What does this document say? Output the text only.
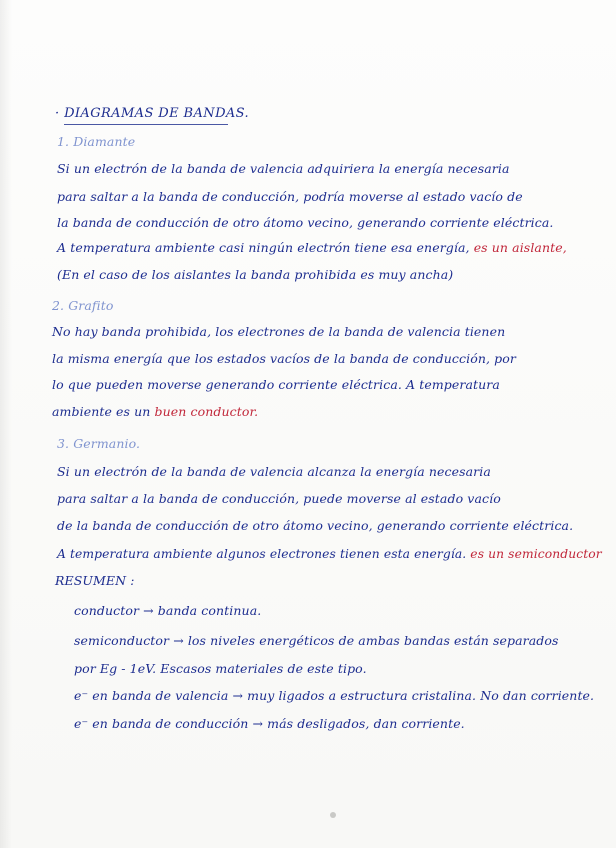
· DIAGRAMAS DE BANDAS.
1. Diamante
Si un electrón de la banda de valencia adquiriera la energía necesaria
para saltar a la banda de conducción, podría moverse al estado vacío de
la banda de conducción de otro átomo vecino, generando corriente eléctrica.
A temperatura ambiente casi ningún electrón tiene esa energía, es un aislante,
(En el caso de los aislantes la banda prohibida es muy ancha)
2. Grafito
No hay banda prohibida, los electrones de la banda de valencia tienen
la misma energía que los estados vacíos de la banda de conducción, por
lo que pueden moverse generando corriente eléctrica. A temperatura
ambiente es un buen conductor.
3. Germanio.
Si un electrón de la banda de valencia alcanza la energía necesaria
para saltar a la banda de conducción, puede moverse al estado vacío
de la banda de conducción de otro átomo vecino, generando corriente eléctrica.
A temperatura ambiente algunos electrones tienen esta energía. es un semiconductor
RESUMEN :
conductor → banda continua.
semiconductor → los niveles energéticos de ambas bandas están separados
por Eg - 1eV. Escasos materiales de este tipo.
e⁻ en banda de valencia → muy ligados a estructura cristalina. No dan corriente.
e⁻ en banda de conducción → más desligados, dan corriente.
